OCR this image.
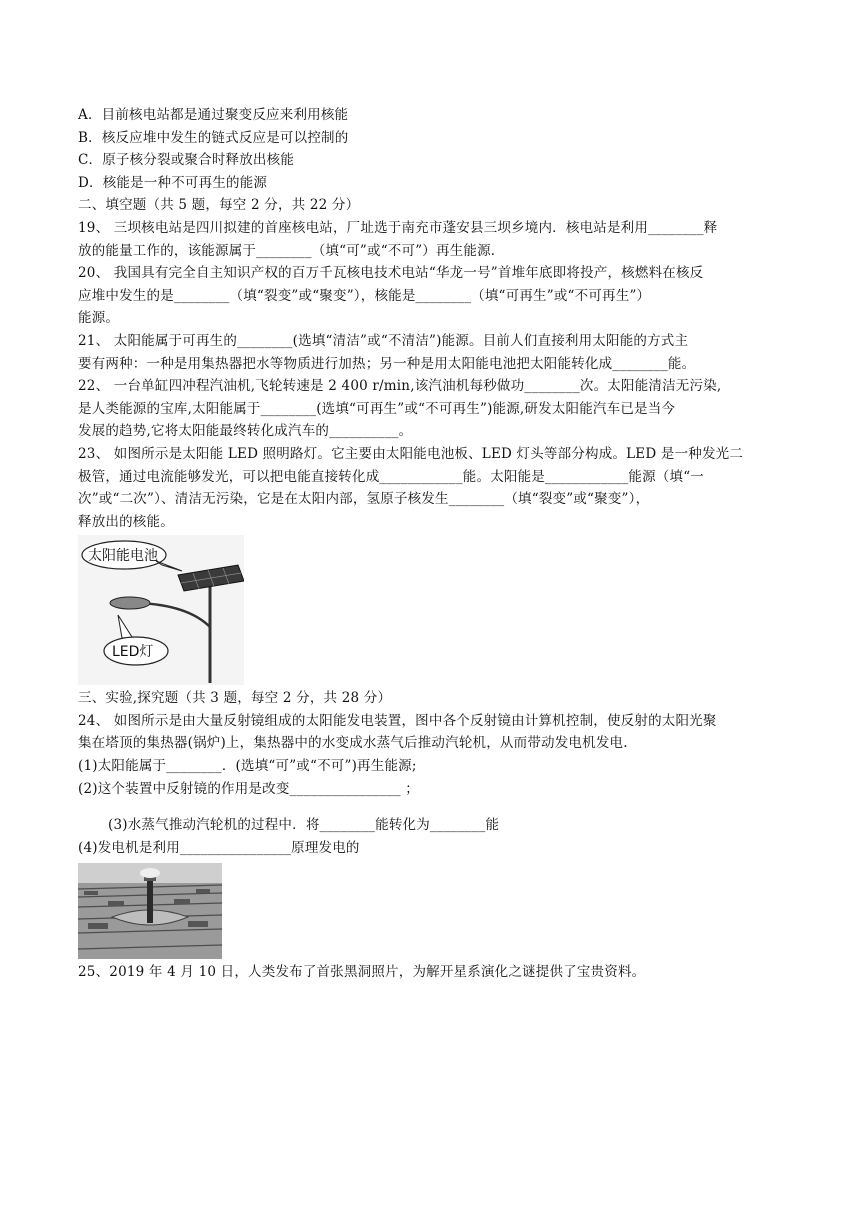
A．目前核电站都是通过聚变反应来利用核能
B．核反应堆中发生的链式反应是可以控制的
C．原子核分裂或聚合时释放出核能
D．核能是一种不可再生的能源
二、填空题（共 5 题，每空 2 分，共 22 分）
19、 三坝核电站是四川拟建的首座核电站，厂址选于南充市蓬安县三坝乡境内．核电站是利用________释
放的能量工作的，该能源属于________（填“可”或“不可”）再生能源．
20、 我国具有完全自主知识产权的百万千瓦核电技术电站“华龙一号”首堆年底即将投产，核燃料在核反
应堆中发生的是________（填“裂变”或“聚变”），核能是________（填“可再生”或“不可再生”）
能源。
21、 太阳能属于可再生的________(选填“清洁”或“不清洁”)能源。目前人们直接利用太阳能的方式主
要有两种：一种是用集热器把水等物质进行加热；另一种是用太阳能电池把太阳能转化成________能。
22、 一台单缸四冲程汽油机,飞轮转速是 2 400 r/min,该汽油机每秒做功________次。太阳能清洁无污染,
是人类能源的宝库,太阳能属于________(选填“可再生”或“不可再生”)能源,研发太阳能汽车已是当今
发展的趋势,它将太阳能最终转化成汽车的__________。
23、 如图所示是太阳能 LED 照明路灯。它主要由太阳能电池板、LED 灯头等部分构成。LED 是一种发光二
极管，通过电流能够发光，可以把电能直接转化成____________能。太阳能是____________能源（填“一
次”或“二次”）、清洁无污染，它是在太阳内部，氢原子核发生________（填“裂变”或“聚变”），
释放出的核能。
太阳能电池
LED灯
三、实验,探究题（共 3 题，每空 2 分，共 28 分）
24、 如图所示是由大量反射镜组成的太阳能发电装置，图中各个反射镜由计算机控制，使反射的太阳光聚
集在塔顶的集热器(锅炉)上，集热器中的水变成水蒸气后推动汽轮机，从而带动发电机发电.
(1)太阳能属于________．(选填“可”或“不可”)再生能源;
(2)这个装置中反射镜的作用是改变________________ ；
(3)水蒸气推动汽轮机的过程中．将________能转化为________能
(4)发电机是利用________________原理发电的
25、2019 年 4 月 10 日，人类发布了首张黑洞照片，为解开星系演化之谜提供了宝贵资料。
